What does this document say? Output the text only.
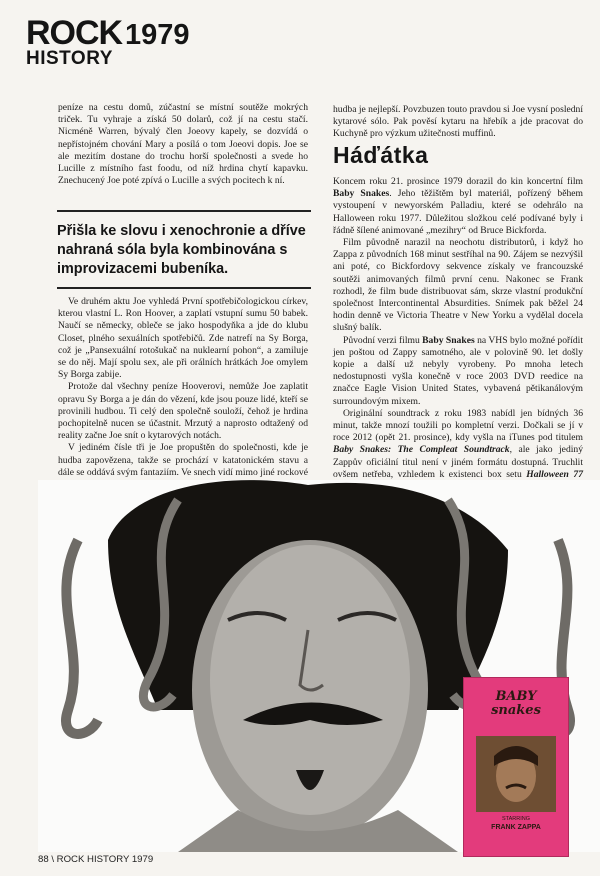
ROCK 1979
HISTORY

peníze na cestu domů, zúčastní se místní soutěže mokrých triček. Tu vyhraje a získá 50 dolarů, což jí na cestu stačí. Nicméně Warren, bývalý člen Joeovy kapely, se dozvídá o nepřístojném chování Mary a posílá o tom Joeovi dopis. Joe se ale mezitím dostane do trochu horší společnosti a svede ho Lucille z místního fast foodu, od níž hrdina chytí kapavku. Znechucený Joe poté zpívá o Lucille a svých pocitech k ní.

Přišla ke slovu i xenochronie a dříve nahraná sóla byla kombinována s improvizacemi bubeníka.

Ve druhém aktu Joe vyhledá První spotřebičologickou církev, kterou vlastní L. Ron Hoover, a zaplatí vstupní sumu 50 babek. Naučí se německy, obleče se jako hospodyňka a jde do klubu Closet, plného sexuálních spotřebičů. Zde natrefí na Sy Borga, což je „Pansexuální rotošukač na nuklearní pohon“, a zamiluje se do něj. Mají spolu sex, ale při orálních hrátkách Joe omylem Sy Borga zabije.

Protože dal všechny peníze Hooverovi, nemůže Joe zaplatit opravu Sy Borga a je dán do vězení, kde jsou pouze lidé, kteří se provinili hudbou. Ti celý den společně souloží, čehož je hrdina pochopitelně nucen se účastnit. Mrzutý a naprosto odtažený od reality začne Joe snít o kytarových notách.

V jediném čísle tři je Joe propuštěn do společnosti, kde je hudba zapovězena, takže se prochází v katatonickém stavu a dále se oddává svým fantaziím. Ve snech vidí mimo jiné rockové

hudba je nejlepší. Povzbuzen touto pravdou si Joe vysní poslední kytarové sólo. Pak pověsí kytaru na hřebík a jde pracovat do Kuchyně pro výzkum užitečnosti muffinů.

Háďátka

Koncem roku 21. prosince 1979 dorazil do kin koncertní film Baby Snakes. Jeho těžištěm byl materiál, pořízený během vystoupení v newyorském Palladiu, které se odehrálo na Halloween roku 1977. Důležitou složkou celé podívané byly i řádně šílené animované „mezihry“ od Bruce Bickforda.

Film původně narazil na neochotu distributorů, i když ho Zappa z původních 168 minut sestříhal na 90. Zájem se nezvýšil ani poté, co Bickfordovy sekvence získaly ve francouzské soutěži animovaných filmů první cenu. Nakonec se Frank rozhodl, že film bude distribuovat sám, skrze vlastní produkční společnost Intercontinental Absurdities. Snímek pak běžel 24 hodin denně ve Victoria Theatre v New Yorku a vydělal docela slušný balík.

Původní verzi filmu Baby Snakes na VHS bylo možné pořídit jen poštou od Zappy samotného, ale v polovině 90. let došly kopie a další už nebyly vyrobeny. Po mnoha letech nedostupnosti vyšla konečně v roce 2003 DVD reedice na značce Eagle Vision United States, vybavená pětikanálovým surroundovým mixem.

Originální soundtrack z roku 1983 nabídl jen bídných 36 minut, takže mnozí toužili po kompletní verzi. Dočkali se jí v roce 2012 (opět 21. prosince), kdy vyšla na iTunes pod titulem Baby Snakes: The Compleat Soundtrack, ale jako jediný Zappův oficiální titul není v jiném formátu dostupná. Truchlit ovšem netřeba, vzhledem k existenci box setu Halloween 77

BABY
snakes
STARRING
FRANK ZAPPA
88 \ ROCK HISTORY 1979
